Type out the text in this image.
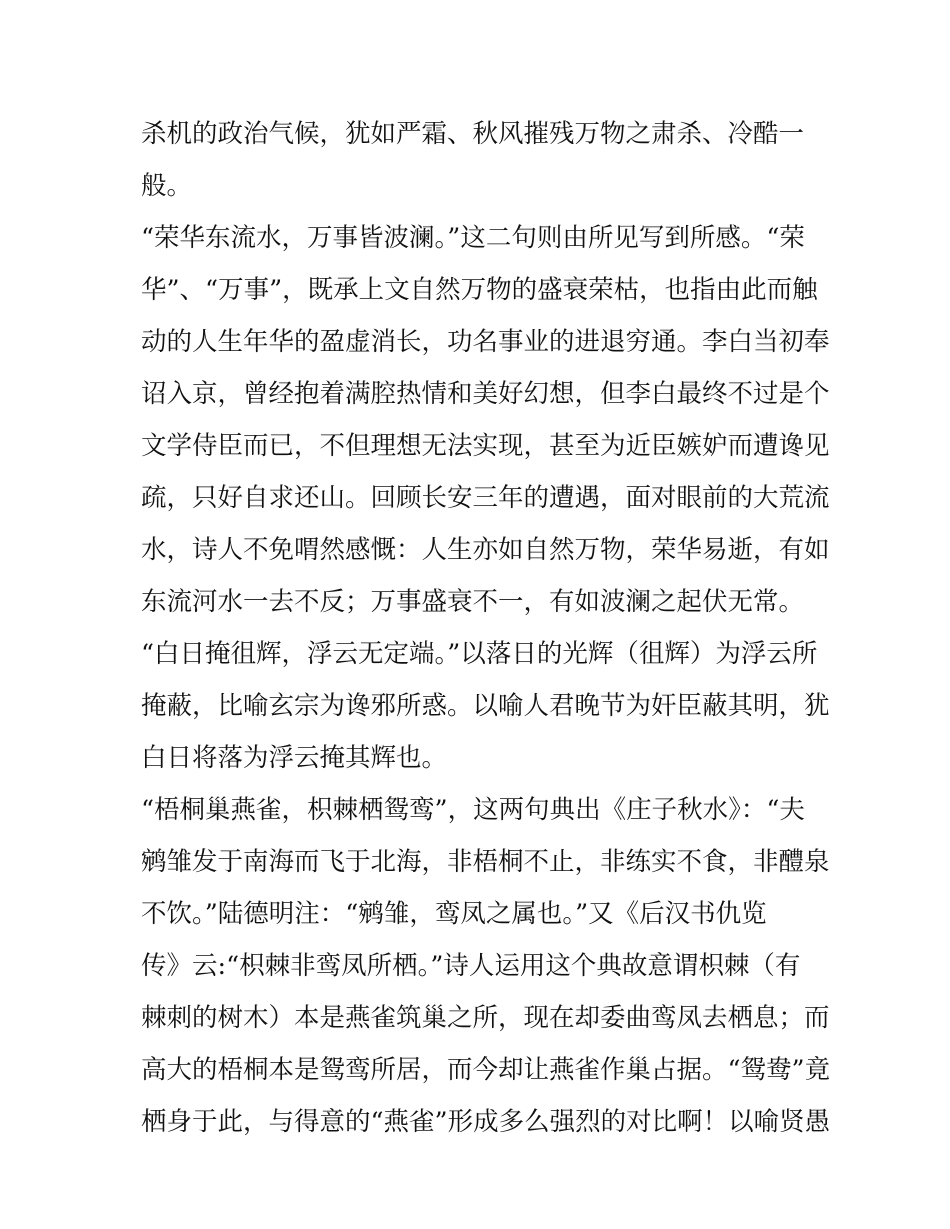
杀机的政治气候，犹如严霜、秋风摧残万物之肃杀、冷酷一
般。
“荣华东流水，万事皆波澜。”这二句则由所见写到所感。“荣
华”、“万事”，既承上文自然万物的盛衰荣枯，也指由此而触
动的人生年华的盈虚消长，功名事业的进退穷通。李白当初奉
诏入京，曾经抱着满腔热情和美好幻想，但李白最终不过是个
文学侍臣而已，不但理想无法实现，甚至为近臣嫉妒而遭谗见
疏，只好自求还山。回顾长安三年的遭遇，面对眼前的大荒流
水，诗人不免喟然感慨：人生亦如自然万物，荣华易逝，有如
东流河水一去不反；万事盛衰不一，有如波澜之起伏无常。
“白日掩徂辉，浮云无定端。”以落日的光辉（徂辉）为浮云所
掩蔽，比喻玄宗为谗邪所惑。以喻人君晚节为奸臣蔽其明，犹
白日将落为浮云掩其辉也。
“梧桐巢燕雀，枳棘栖鸳鸾”，这两句典出《庄子秋水》：“夫
鹓雏发于南海而飞于北海，非梧桐不止，非练实不食，非醴泉
不饮。”陆德明注：“鹓雏，鸾凤之属也。”又《后汉书仇览
传》云:“枳棘非鸾凤所栖。”诗人运用这个典故意谓枳棘（有
棘刺的树木）本是燕雀筑巢之所，现在却委曲鸾凤去栖息；而
高大的梧桐本是鸳鸾所居，而今却让燕雀作巢占据。“鸳鸯”竟
栖身于此，与得意的“燕雀”形成多么强烈的对比啊！以喻贤愚
